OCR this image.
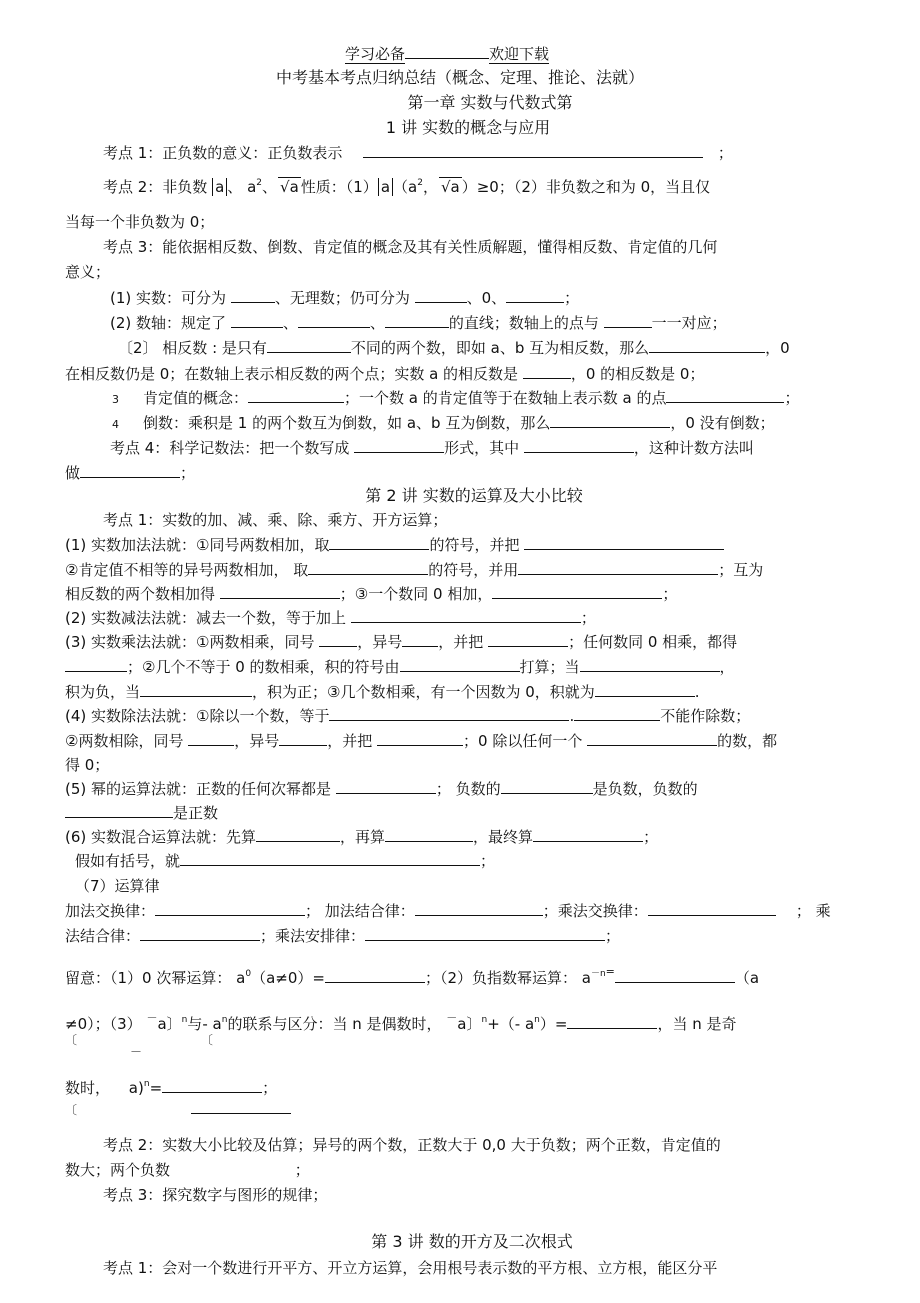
学习必备	欢迎下载
中考基本考点归纳总结（概念、定理、推论、法就）
第一章 实数与代数式第
1 讲 实数的概念与应用
考点 1：正负数的意义：正负数表示	；
考点 2：非负数 a 、 $a^2$、 √a 性质：（1） a （$a^2$， √a ）≥0；（2）非负数之和为 0，当且仅
当每一个非负数为 0；
考点 3：能依据相反数、倒数、肯定值的概念及其有关性质解题，懂得相反数、肯定值的几何
意义；
(1) 实数：可分为	、无理数；仍可分为	、0、	；
(2) 数轴：规定了	、	、	的直线；数轴上的点与	一一对应；
〔2〕 相反数 : 是只有	不同的两个数，即如 a、b 互为相反数，那么	，0
在相反数仍是 0；在数轴上表示相反数的两个点；实数 a 的相反数是	，0 的相反数是 0；
3 肯定值的概念：	；一个数 a 的肯定值等于在数轴上表示数 a 的点	；
4 倒数：乘积是 1 的两个数互为倒数，如 a、b 互为倒数，那么	，0 没有倒数；
考点 4：科学记数法：把一个数写成	形式，其中	，这种计数方法叫
做	；
第 2 讲 实数的运算及大小比较
考点 1：实数的加、减、乘、除、乘方、开方运算；
(1) 实数加法法就：①同号两数相加，取	的符号，并把
②肯定值不相等的异号两数相加， 取	的符号，并用	；互为
相反数的两个数相加得	；③一个数同 0 相加，	；
(2) 实数减法法就：减去一个数，等于加上	；
(3) 实数乘法法就：①两数相乘，同号	，异号 ，并把	；任何数同 0 相乘，都得
；②几个不等于 0 的数相乘，积的符号由	打算；当	，
积为负，当	，积为正；③几个数相乘，有一个因数为 0，积就为	.
(4) 实数除法法就：①除以一个数，等于	.	不能作除数；
②两数相除，同号	，异号	，并把	；0 除以任何一个	的数，都
得 0；
(5) 幂的运算法就：正数的任何次幂都是	； 负数的	是负数，负数的
是正数
(6) 实数混合运算法就：先算	，再算	，最终算	；
假如有括号，就	；
（7）运算律
加法交换律：	； 加法结合律：	；乘法交换律：	； 乘
法结合律：	；乘法安排律：	；
留意：（1）0 次幂运算： $a^0(a\ne 0)=$	；（2）负指数幂运算： $a^{-n=}$	（a
≠0）；（3） －a〕$^n$与- $a^n$的联系与区分：当 n 是偶数时， －a〕$^n$+（- $a^n)=$	，当 n 是奇
〔	〔
－
数时， a)$^n$=	；
〔
考点 2：实数大小比较及估算；异号的两个数，正数大于 0,0 大于负数；两个正数，肯定值的
数大；两个负数	；
考点 3：探究数字与图形的规律；
第 3 讲 数的开方及二次根式
考点 1：会对一个数进行开平方、开立方运算，会用根号表示数的平方根、立方根，能区分平
